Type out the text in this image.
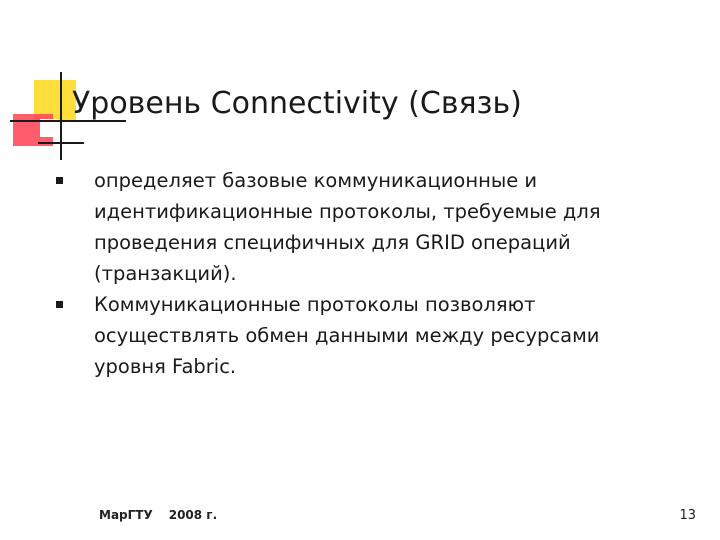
Уровень Connectivity (Связь)
определяет базовые коммуникационные и идентификационные протоколы, требуемые для проведения специфичных для GRID операций (транзакций).
Коммуникационные протоколы позволяют осуществлять обмен данными между ресурсами уровня Fabric.
МарГТУ 2008 г.	13
